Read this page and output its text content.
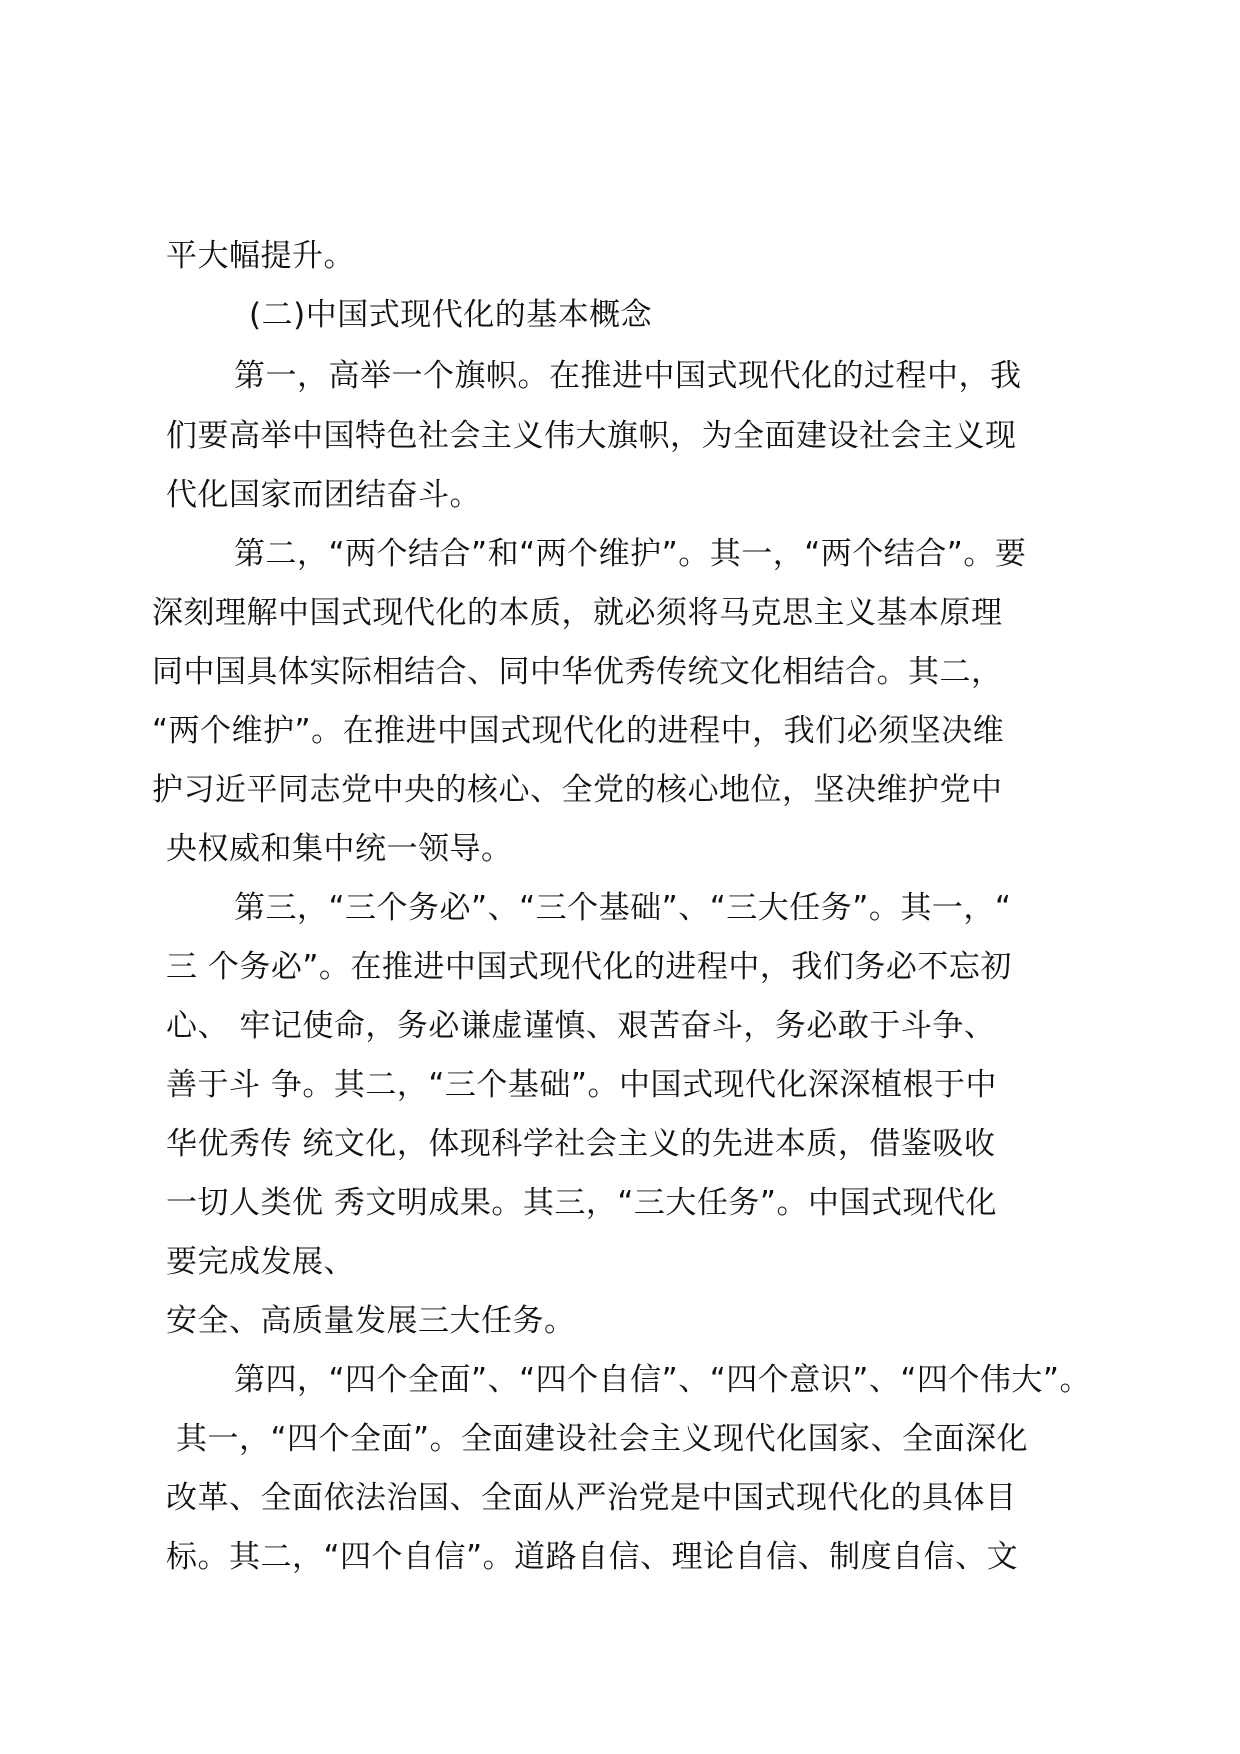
平大幅提升。
(二)中国式现代化的基本概念
第一，高举一个旗帜。在推进中国式现代化的过程中，我
们要高举中国特色社会主义伟大旗帜，为全面建设社会主义现
代化国家而团结奋斗。
第二，“两个结合”和“两个维护”。其一，“两个结合”。要
深刻理解中国式现代化的本质，就必须将马克思主义基本原理
同中国具体实际相结合、同中华优秀传统文化相结合。其二，
“两个维护”。在推进中国式现代化的进程中，我们必须坚决维
护习近平同志党中央的核心、全党的核心地位，坚决维护党中
央权威和集中统一领导。
第三，“三个务必”、“三个基础”、“三大任务”。其一，“
三 个务必”。在推进中国式现代化的进程中，我们务必不忘初
心、 牢记使命，务必谦虚谨慎、艰苦奋斗，务必敢于斗争、
善于斗 争。其二，“三个基础”。中国式现代化深深植根于中
华优秀传 统文化，体现科学社会主义的先进本质，借鉴吸收
一切人类优 秀文明成果。其三，“三大任务”。中国式现代化
要完成发展、
安全、高质量发展三大任务。
第四，“四个全面”、“四个自信”、“四个意识”、“四个伟大”。
其一，“四个全面”。全面建设社会主义现代化国家、全面深化
改革、全面依法治国、全面从严治党是中国式现代化的具体目
标。其二，“四个自信”。道路自信、理论自信、制度自信、文
